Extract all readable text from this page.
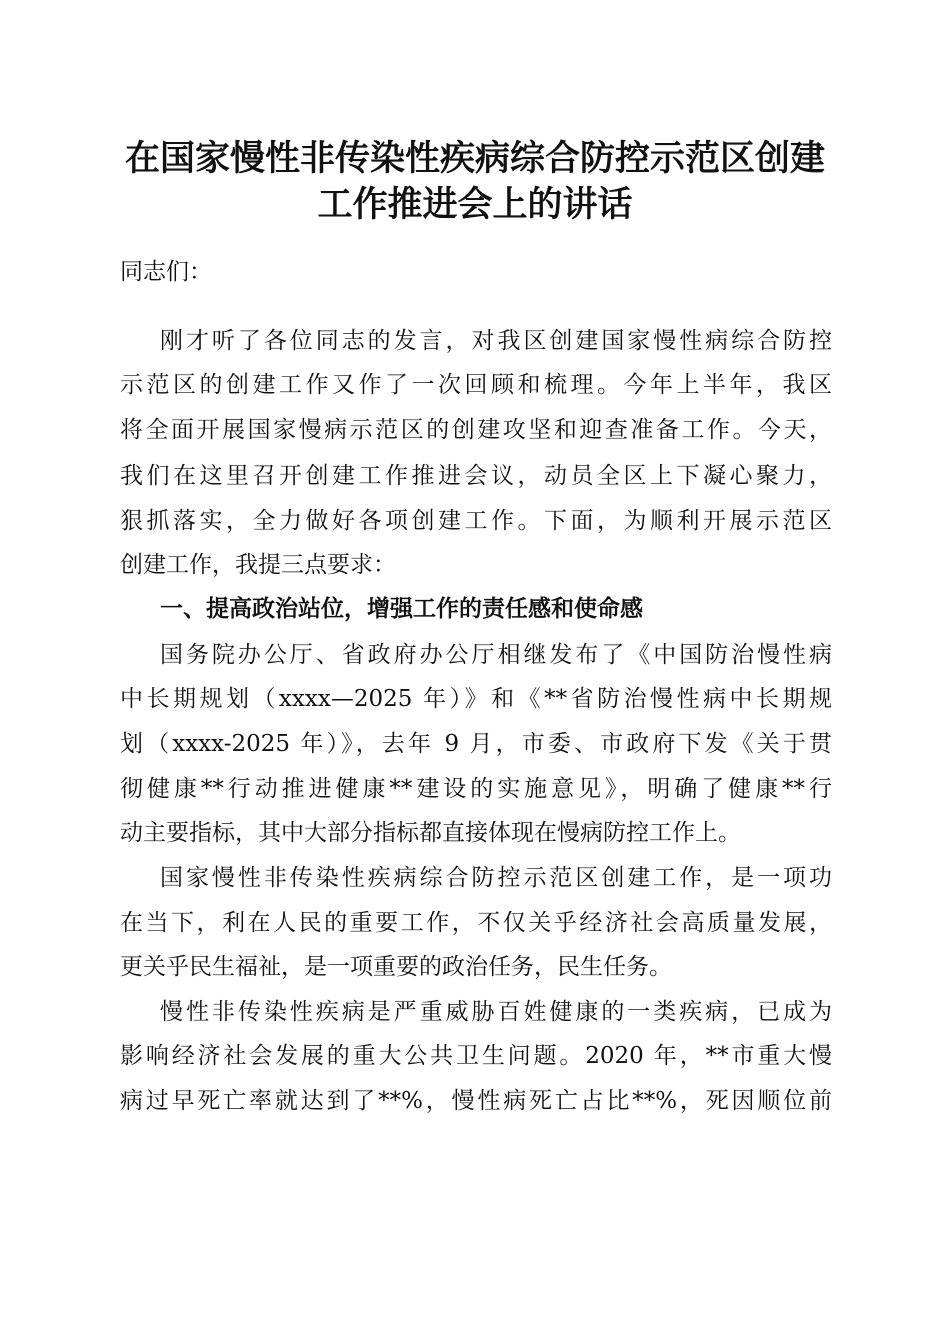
在国家慢性非传染性疾病综合防控示范区创建
工作推进会上的讲话
同志们：
刚才听了各位同志的发言，对我区创建国家慢性病综合防控
示范区的创建工作又作了一次回顾和梳理。今年上半年，我区
将全面开展国家慢病示范区的创建攻坚和迎查准备工作。今天，
我们在这里召开创建工作推进会议，动员全区上下凝心聚力，
狠抓落实，全力做好各项创建工作。下面，为顺利开展示范区
创建工作，我提三点要求：
一、提高政治站位，增强工作的责任感和使命感
国务院办公厅、省政府办公厅相继发布了《中国防治慢性病
中长期规划（xxxx—2025 年）》和《**省防治慢性病中长期规
划（xxxx-2025 年）》，去年 9 月，市委、市政府下发《关于贯
彻健康**行动推进健康**建设的实施意见》，明确了健康**行
动主要指标，其中大部分指标都直接体现在慢病防控工作上。
国家慢性非传染性疾病综合防控示范区创建工作，是一项功
在当下，利在人民的重要工作，不仅关乎经济社会高质量发展，
更关乎民生福祉，是一项重要的政治任务，民生任务。
慢性非传染性疾病是严重威胁百姓健康的一类疾病，已成为
影响经济社会发展的重大公共卫生问题。2020 年，**市重大慢
病过早死亡率就达到了**%，慢性病死亡占比**%，死因顺位前
